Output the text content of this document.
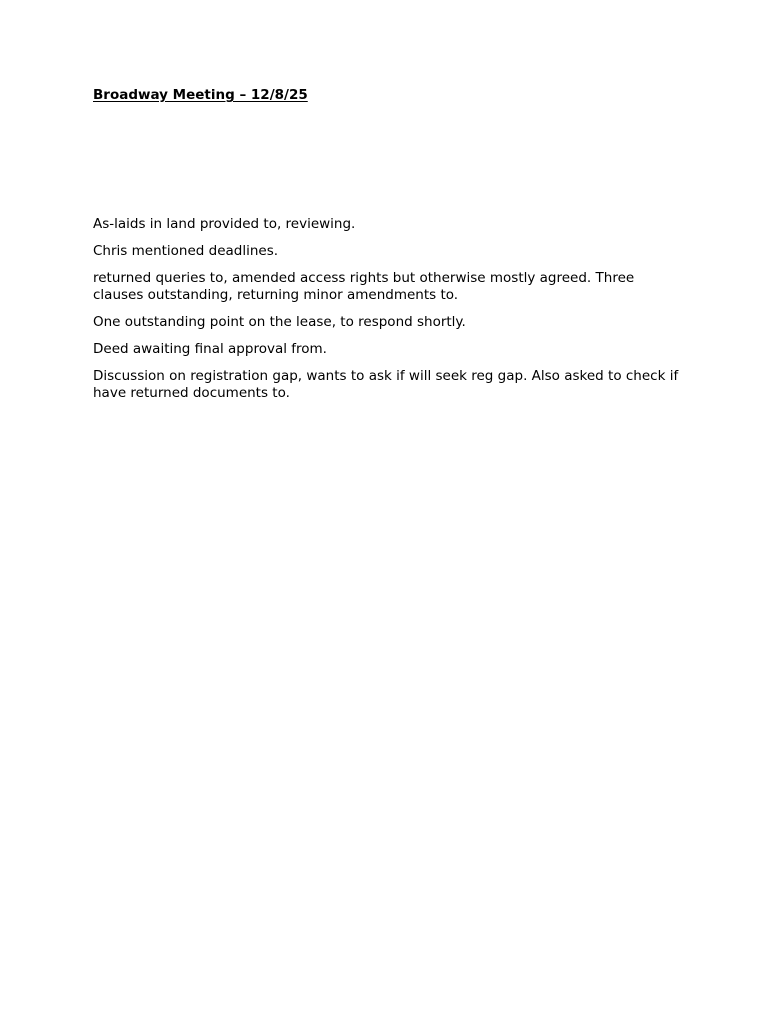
Broadway Meeting – 12/8/25

As-laids in land provided to, reviewing.

Chris mentioned deadlines.

returned queries to, amended access rights but otherwise mostly agreed. Three clauses outstanding, returning minor amendments to.

One outstanding point on the lease, to respond shortly.

Deed awaiting final approval from.

Discussion on registration gap, wants to ask if will seek reg gap. Also asked to check if have returned documents to.
